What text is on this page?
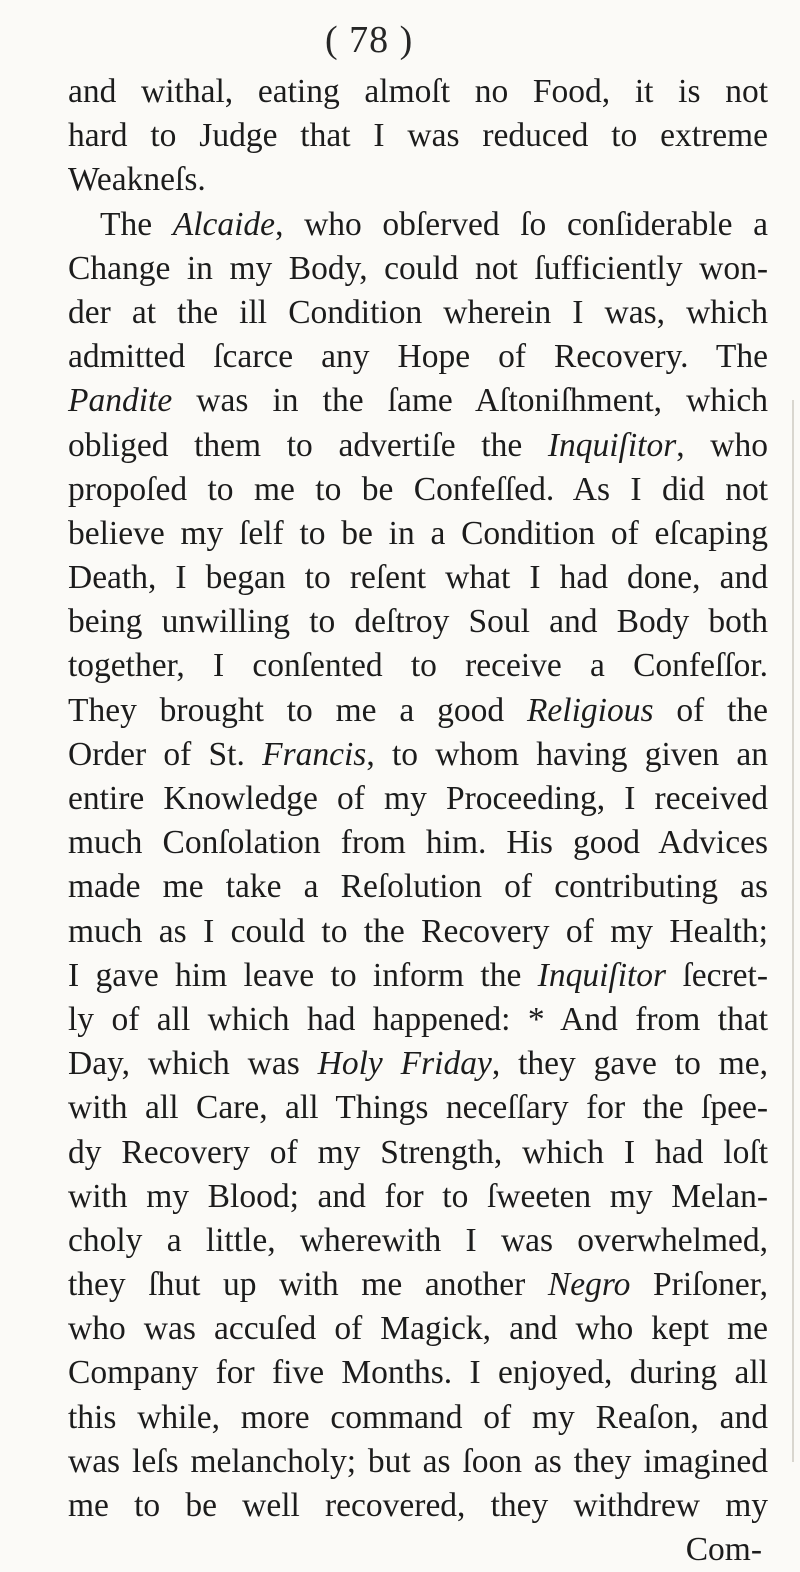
( 78 )
and withal, eating almoſt no Food, it is not
hard to Judge that I was reduced to extreme
Weakneſs.
The Alcaide, who obſerved ſo conſiderable a
Change in my Body, could not ſufficiently won-
der at the ill Condition wherein I was, which
admitted ſcarce any Hope of Recovery. The
Pandite was in the ſame Aſtoniſhment, which
obliged them to advertiſe the Inquiſitor, who
propoſed to me to be Confeſſed. As I did not
believe my ſelf to be in a Condition of eſcaping
Death, I began to reſent what I had done, and
being unwilling to deſtroy Soul and Body both
together, I conſented to receive a Confeſſor.
They brought to me a good Religious of the
Order of St. Francis, to whom having given an
entire Knowledge of my Proceeding, I received
much Conſolation from him. His good Advices
made me take a Reſolution of contributing as
much as I could to the Recovery of my Health;
I gave him leave to inform the Inquiſitor ſecret-
ly of all which had happened: * And from that
Day, which was Holy Friday, they gave to me,
with all Care, all Things neceſſary for the ſpee-
dy Recovery of my Strength, which I had loſt
with my Blood; and for to ſweeten my Melan-
choly a little, wherewith I was overwhelmed,
they ſhut up with me another Negro Priſoner,
who was accuſed of Magick, and who kept me
Company for five Months. I enjoyed, during all
this while, more command of my Reaſon, and
was leſs melancholy; but as ſoon as they imagined
me to be well recovered, they withdrew my
Com-
